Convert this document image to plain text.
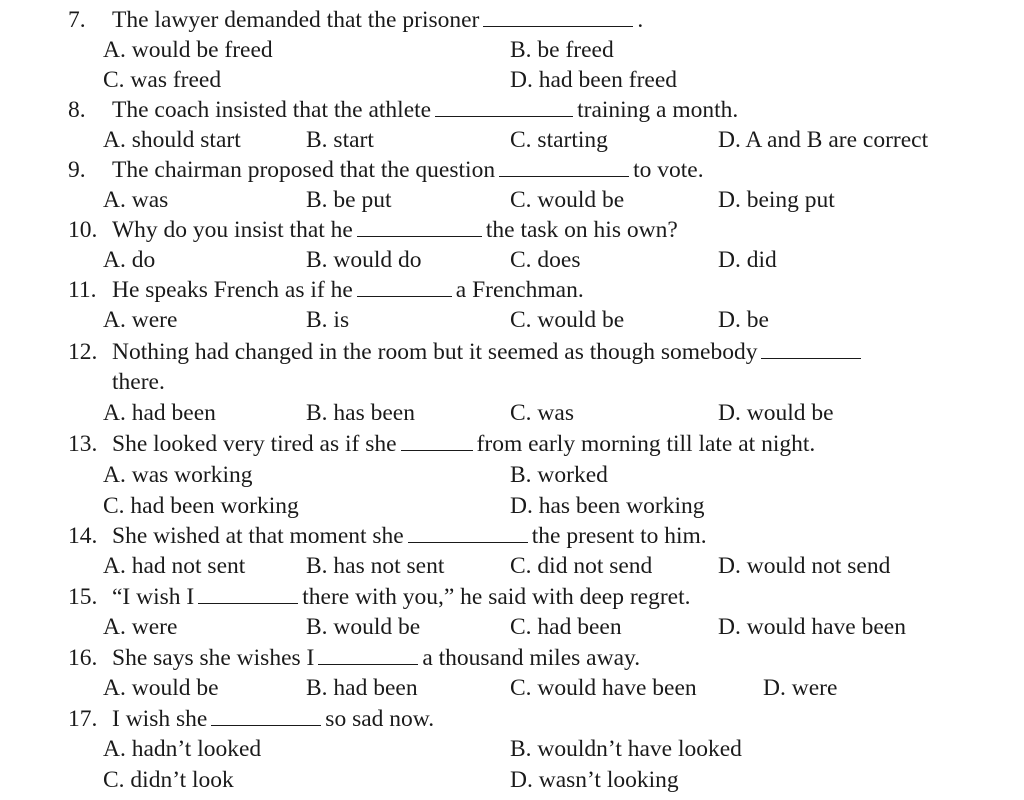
7. The lawyer demanded that the prisoner	.
A. would be freed	B. be freed
C. was freed	D. had been freed
8. The coach insisted that the athlete	training a month.
A. should start	B. start	C. starting	D. A and B are correct
9. The chairman proposed that the question	to vote.
A. was	B. be put	C. would be	D. being put
10. Why do you insist that he	the task on his own?
A. do	B. would do	C. does	D. did
11. He speaks French as if he	a Frenchman.
A. were	B. is	C. would be	D. be
12. Nothing had changed in the room but it seemed as though somebody
there.
A. had been	B. has been	C. was	D. would be
13. She looked very tired as if she	from early morning till late at night.
A. was working	B. worked
C. had been working	D. has been working
14. She wished at that moment she	the present to him.
A. had not sent	B. has not sent	C. did not send	D. would not send
15. “I wish I	there with you,” he said with deep regret.
A. were	B. would be	C. had been	D. would have been
16. She says she wishes I	a thousand miles away.
A. would be	B. had been	C. would have been	D. were
17. I wish she	so sad now.
A. hadn’t looked	B. wouldn’t have looked
C. didn’t look	D. wasn’t looking
